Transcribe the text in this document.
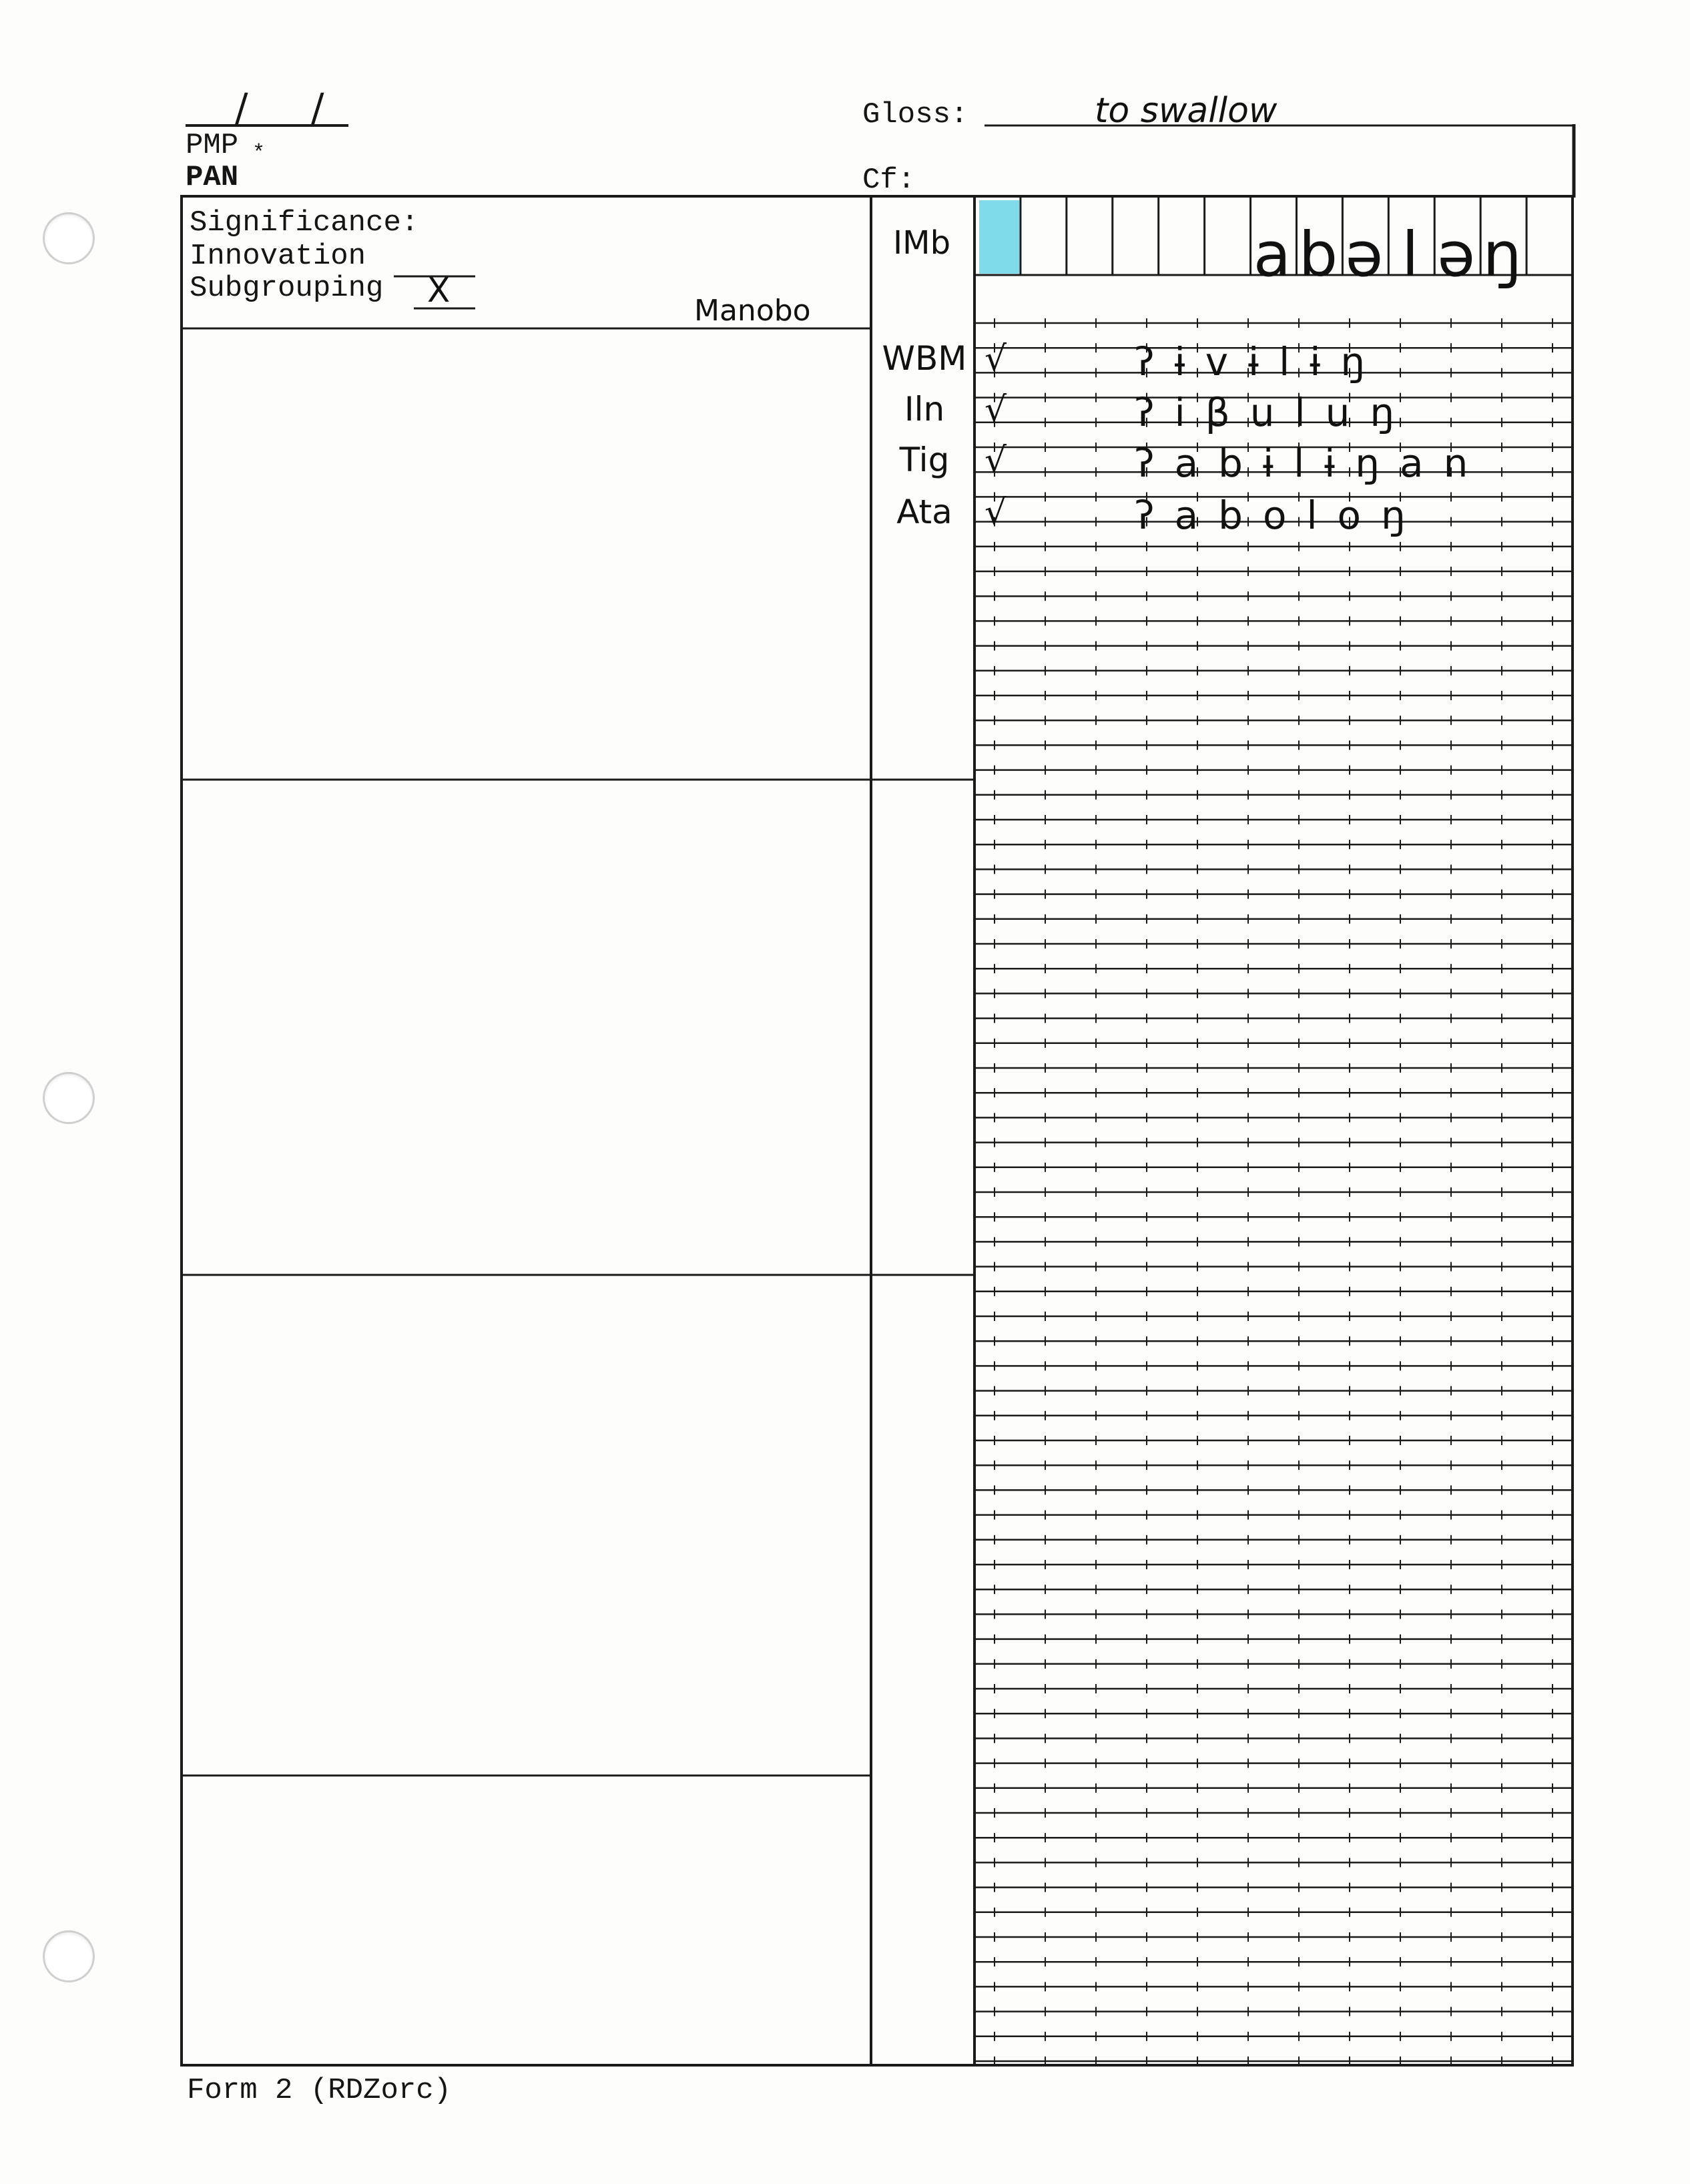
/ /
PMP *
PAN
Gloss:	to swallow
Cf:
Significance:
Innovation
Subgrouping X
Manobo
IMb	a b ə l ə ŋ
WBM √	ʔɨvɨlɨŋ
Iln	√	ʔiβuluŋ
Tig	√	ʔabɨlɨŋan
Ata √	ʔaboloŋ
Form 2 (RDZorc)
